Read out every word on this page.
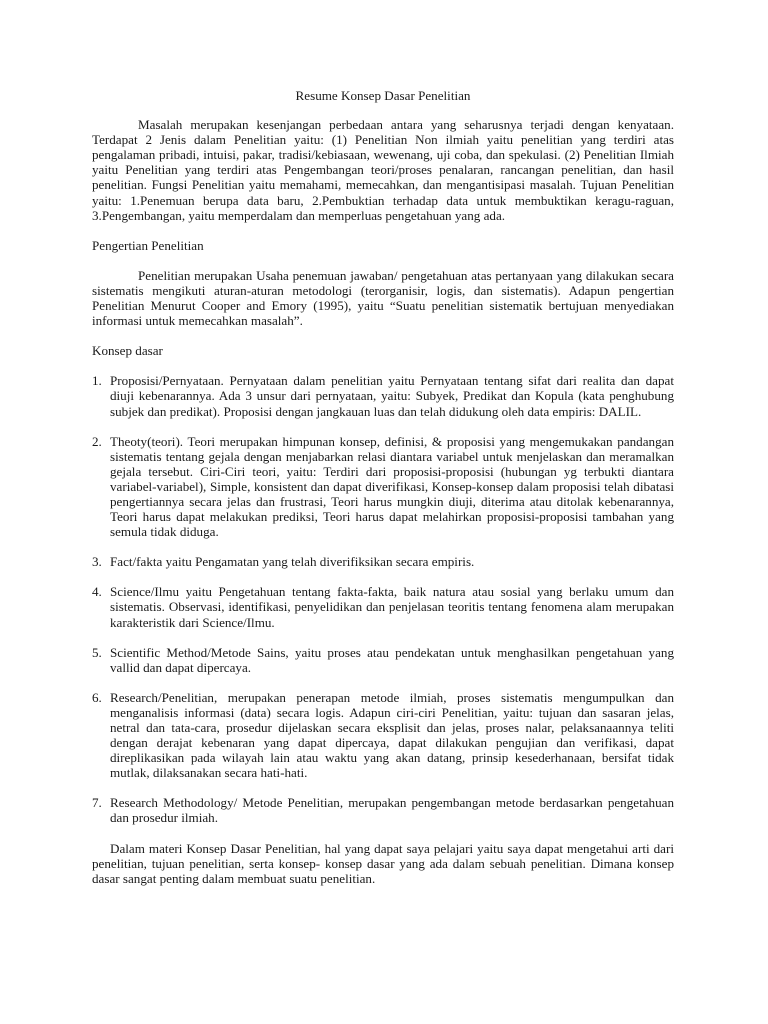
Resume Konsep Dasar Penelitian

Masalah merupakan kesenjangan perbedaan antara yang seharusnya terjadi dengan kenyataan. Terdapat 2 Jenis dalam Penelitian yaitu: (1) Penelitian Non ilmiah yaitu penelitian yang terdiri atas pengalaman pribadi, intuisi, pakar, tradisi/kebiasaan, wewenang, uji coba, dan spekulasi. (2) Penelitian Ilmiah yaitu Penelitian yang terdiri atas Pengembangan teori/proses penalaran, rancangan penelitian, dan hasil penelitian. Fungsi Penelitian yaitu memahami, memecahkan, dan mengantisipasi masalah. Tujuan Penelitian yaitu: 1.Penemuan berupa data baru, 2.Pembuktian terhadap data untuk membuktikan keragu-raguan, 3.Pengembangan, yaitu memperdalam dan memperluas pengetahuan yang ada.

Pengertian Penelitian

Penelitian merupakan Usaha penemuan jawaban/ pengetahuan atas pertanyaan yang dilakukan secara sistematis mengikuti aturan-aturan metodologi (terorganisir, logis, dan sistematis). Adapun pengertian Penelitian Menurut Cooper and Emory (1995), yaitu “Suatu penelitian sistematik bertujuan menyediakan informasi untuk memecahkan masalah”.

Konsep dasar
1. Proposisi/Pernyataan. Pernyataan dalam penelitian yaitu Pernyataan tentang sifat dari realita dan dapat diuji kebenarannya. Ada 3 unsur dari pernyataan, yaitu: Subyek, Predikat dan Kopula (kata penghubung subjek dan predikat). Proposisi dengan jangkauan luas dan telah didukung oleh data empiris: DALIL.
2. Theoty(teori). Teori merupakan himpunan konsep, definisi, & proposisi yang mengemukakan pandangan sistematis tentang gejala dengan menjabarkan relasi diantara variabel untuk menjelaskan dan meramalkan gejala tersebut. Ciri-Ciri teori, yaitu: Terdiri dari proposisi-proposisi (hubungan yg terbukti diantara variabel-variabel), Simple, konsistent dan dapat diverifikasi, Konsep-konsep dalam proposisi telah dibatasi pengertiannya secara jelas dan frustrasi, Teori harus mungkin diuji, diterima atau ditolak kebenarannya, Teori harus dapat melakukan prediksi, Teori harus dapat melahirkan proposisi-proposisi tambahan yang semula tidak diduga.
3. Fact/fakta yaitu Pengamatan yang telah diverifiksikan secara empiris.
4. Science/Ilmu yaitu Pengetahuan tentang fakta-fakta, baik natura atau sosial yang berlaku umum dan sistematis. Observasi, identifikasi, penyelidikan dan penjelasan teoritis tentang fenomena alam merupakan karakteristik dari Science/Ilmu.
5. Scientific Method/Metode Sains, yaitu proses atau pendekatan untuk menghasilkan pengetahuan yang vallid dan dapat dipercaya.
6. Research/Penelitian, merupakan penerapan metode ilmiah, proses sistematis mengumpulkan dan menganalisis informasi (data) secara logis. Adapun ciri-ciri Penelitian, yaitu: tujuan dan sasaran jelas, netral dan tata-cara, prosedur dijelaskan secara eksplisit dan jelas, proses nalar, pelaksanaannya teliti dengan derajat kebenaran yang dapat dipercaya, dapat dilakukan pengujian dan verifikasi, dapat direplikasikan pada wilayah lain atau waktu yang akan datang, prinsip kesederhanaan, bersifat tidak mutlak, dilaksanakan secara hati-hati.
7. Research Methodology/ Metode Penelitian, merupakan pengembangan metode berdasarkan pengetahuan dan prosedur ilmiah.

Dalam materi Konsep Dasar Penelitian, hal yang dapat saya pelajari yaitu saya dapat mengetahui arti dari penelitian, tujuan penelitian, serta konsep- konsep dasar yang ada dalam sebuah penelitian. Dimana konsep dasar sangat penting dalam membuat suatu penelitian.
